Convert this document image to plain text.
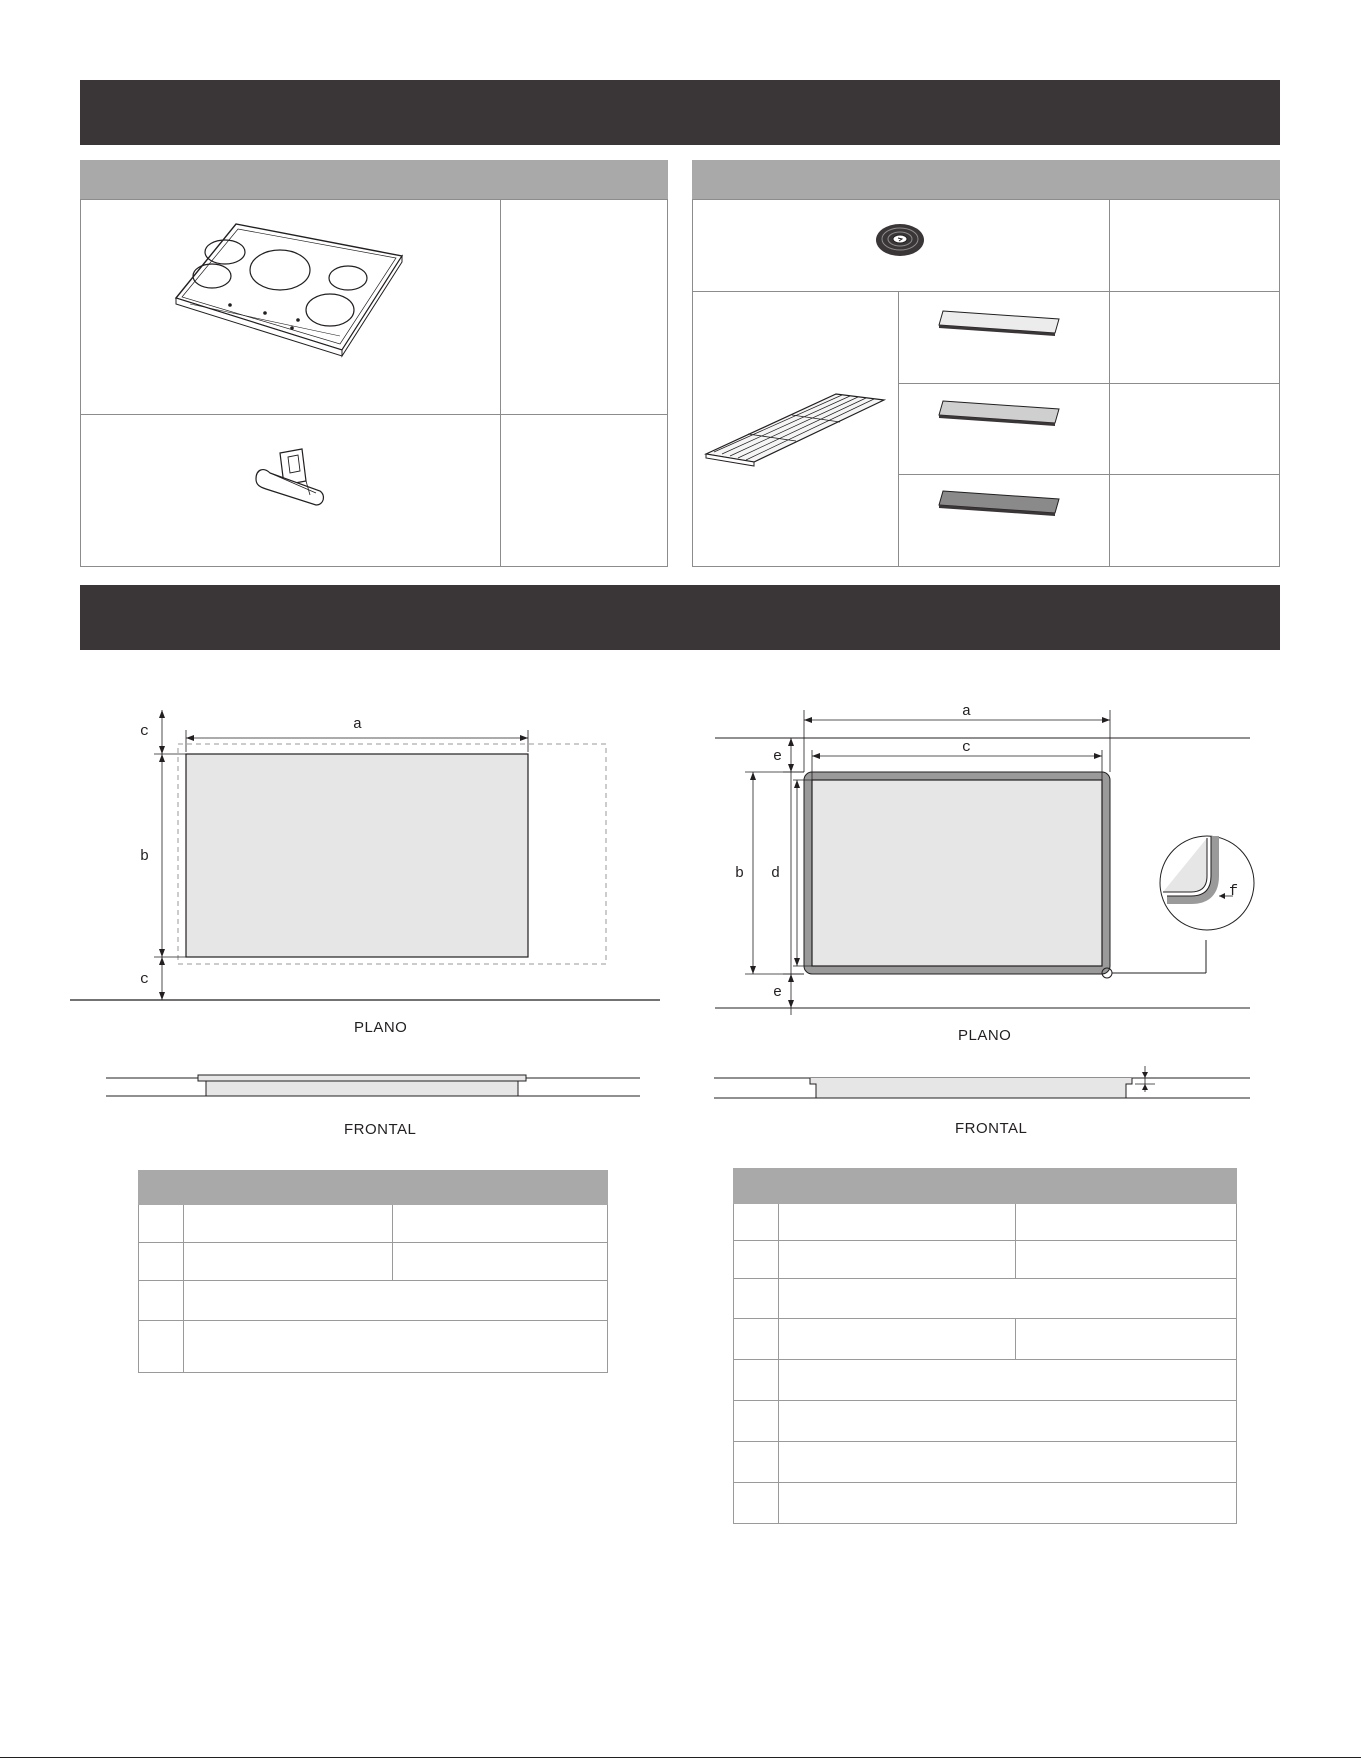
a
c
b
c
PLANO
FRONTAL

a
c
e
e
b d
f
PLANO
FRONTAL
